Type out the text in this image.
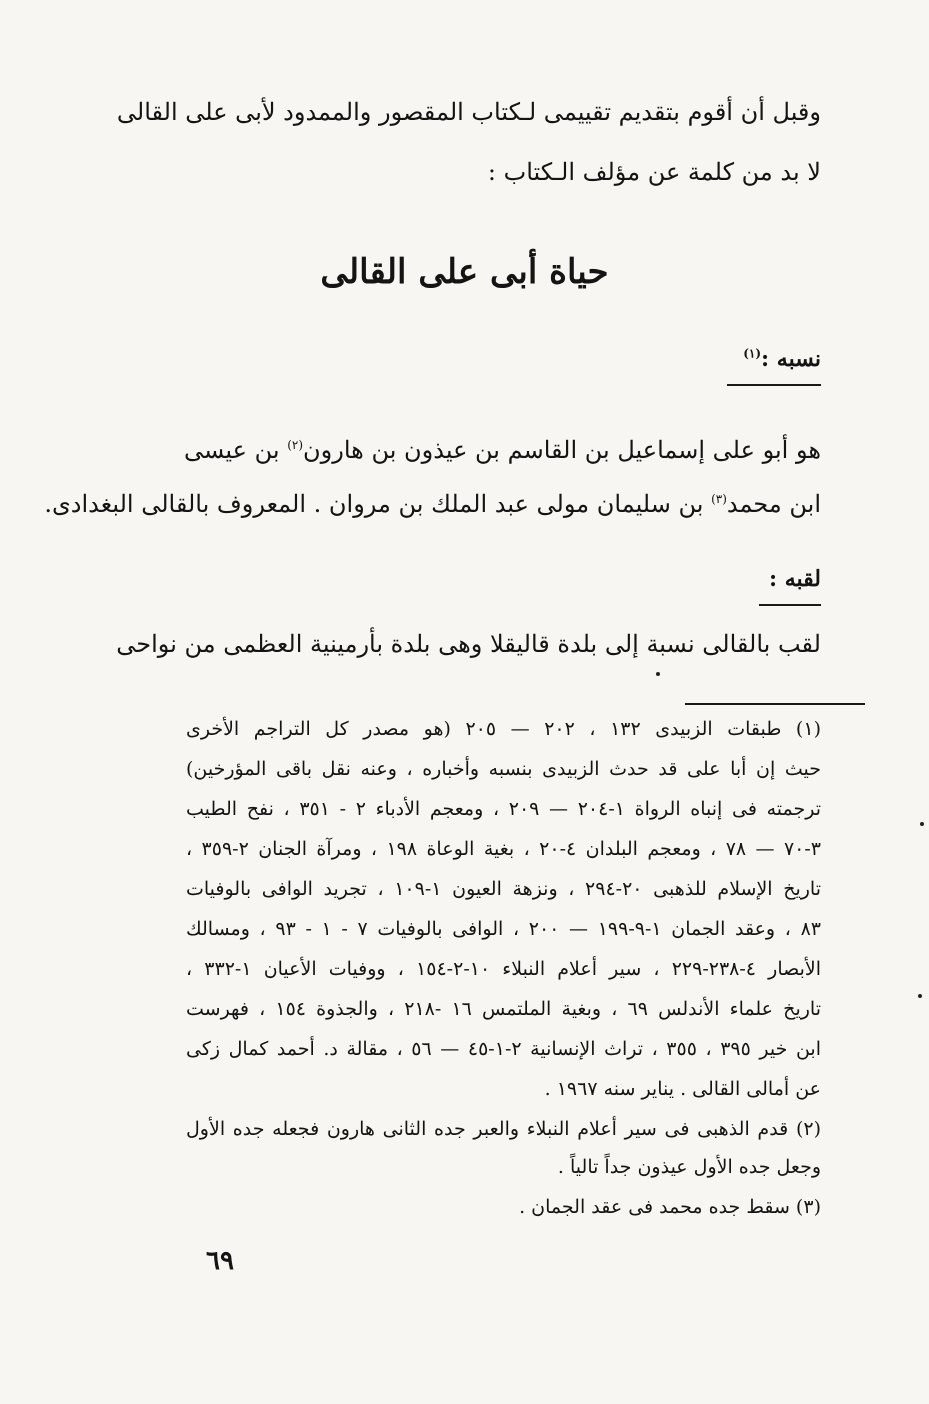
وقبل أن أقوم بتقديم تقييمى لـكتاب المقصور والممدود لأبى على القالى
لا بد من كلمة عن مؤلف الـكتاب :
حياة أبى على القالى
نسبه :$^{(١)}$
هو أبو على إسماعيل بن القاسم بن عيذون بن هارون$^{(٢)}$ بن عيسى
ابن محمد$^{(٣)}$ بن سليمان مولى عبد الملك بن مروان . المعروف بالقالى البغدادى.
لقبه :
لقب بالقالى نسبة إلى بلدة قاليقلا وهى بلدة بأرمينية العظمى من نواحى
(١) طبقات الزبيدى ١٣٢ ، ٢٠٢ — ٢٠٥ (هو مصدر كل التراجم الأخرى
حيث إن أبا على قد حدث الزبيدى بنسبه وأخباره ، وعنه نقل باقى المؤرخين)
ترجمته فى إنباه الرواة ١-٢٠٤ — ٢٠٩ ، ومعجم الأدباء ٢ - ٣٥١ ، نفح الطيب
٣-٧٠ — ٧٨ ، ومعجم البلدان ٤-٢٠ ، بغية الوعاة ١٩٨ ، ومرآة الجنان ٢-٣٥٩ ،
تاريخ الإسلام للذهبى ٢٠-٢٩٤ ، ونزهة العيون ١-١٠٩ ، تجريد الوافى بالوفيات
٨٣ ، وعقد الجمان ١-٩-١٩٩ — ٢٠٠ ، الوافى بالوفيات ٧ - ١ - ٩٣ ، ومسالك
الأبصار ٤-٢٣٨-٢٢٩ ، سير أعلام النبلاء ١٠-٢-١٥٤ ، ووفيات الأعيان ١-٣٣٢ ،
تاريخ علماء الأندلس ٦٩ ، وبغية الملتمس ١٦ -٢١٨ ، والجذوة ١٥٤ ، فهرست
ابن خير ٣٩٥ ، ٣٥٥ ، تراث الإنسانية ٢-١-٤٥ — ٥٦ ، مقالة د. أحمد كمال زكى
عن أمالى القالى . يناير سنه ١٩٦٧ .
(٢) قدم الذهبى فى سير أعلام النبلاء والعبر جده الثانى هارون فجعله جده الأول
وجعل جده الأول عيذون جداً تالياً .
(٣) سقط جده محمد فى عقد الجمان .
٦٩
